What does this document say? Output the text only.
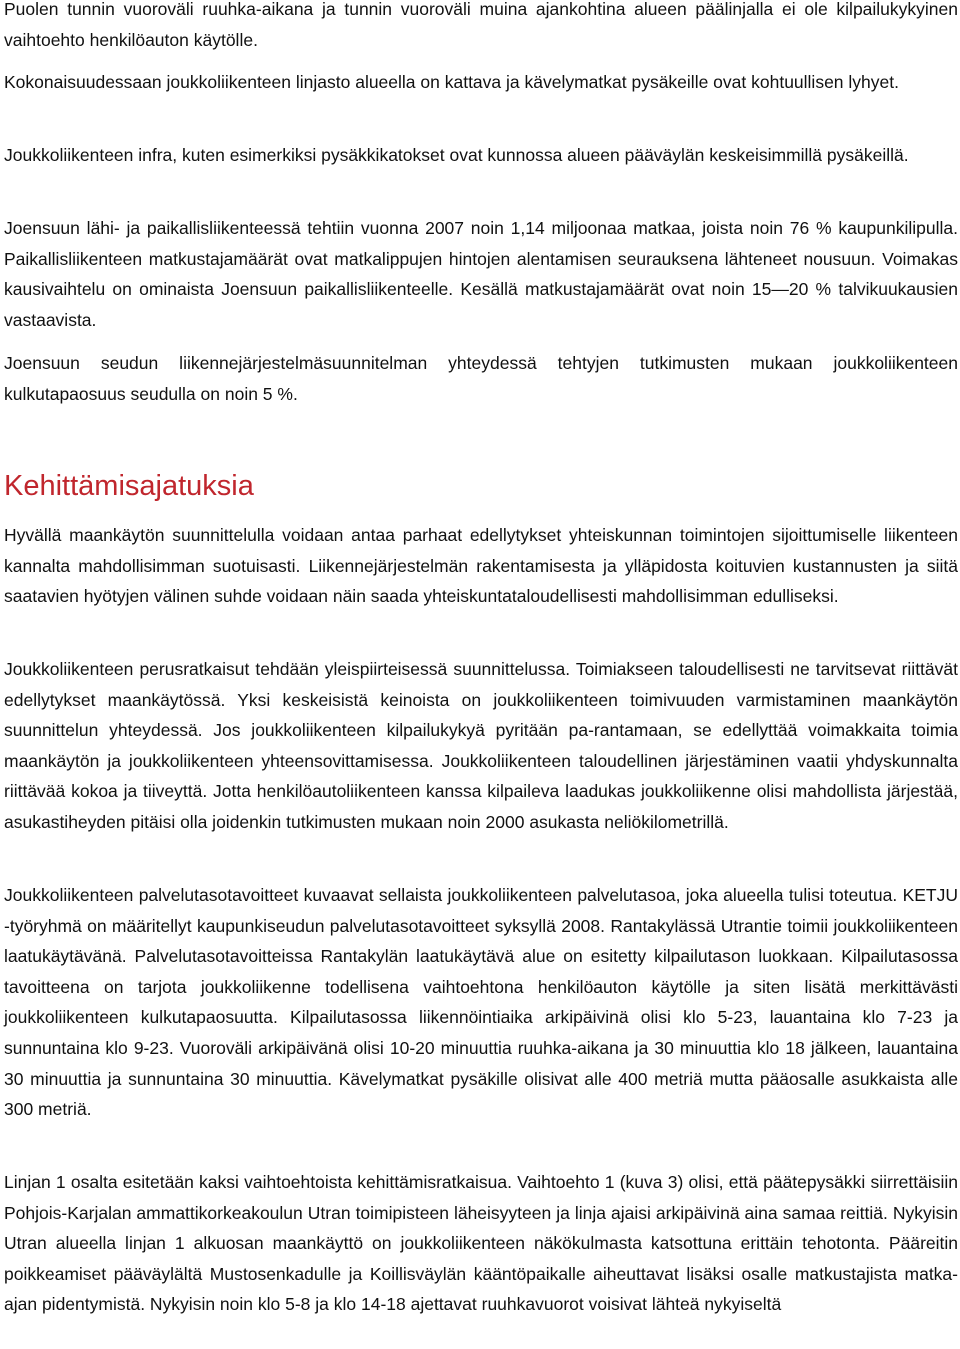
Puolen tunnin vuoroväli ruuhka-aikana ja tunnin vuoroväli muina ajankohtina alueen päälinjalla ei ole kilpailukykyinen vaihtoehto henkilöauton käytölle.

Kokonaisuudessaan joukkoliikenteen linjasto alueella on kattava ja kävelymatkat pysäkeille ovat kohtuullisen lyhyet.

Joukkoliikenteen infra, kuten esimerkiksi pysäkkikatokset ovat kunnossa alueen pääväylän keskeisimmillä pysäkeillä.

Joensuun lähi- ja paikallisliikenteessä tehtiin vuonna 2007 noin 1,14 miljoonaa matkaa, joista noin 76 % kaupunkilipulla. Paikallisliikenteen matkustajamäärät ovat matkalippujen hintojen alentamisen seurauksena lähteneet nousuun. Voimakas kausivaihtelu on ominaista Joensuun paikallisliikenteelle. Kesällä matkustajamäärät ovat noin 15—20 % talvikuukausien vastaavista.

Joensuun seudun liikennejärjestelmäsuunnitelman yhteydessä tehtyjen tutkimusten mukaan joukkoliikenteen kulkutapaosuus seudulla on noin 5 %.

Kehittämisajatuksia

Hyvällä maankäytön suunnittelulla voidaan antaa parhaat edellytykset yhteiskunnan toimintojen sijoittumiselle liikenteen kannalta mahdollisimman suotuisasti. Liikennejärjestelmän rakentamisesta ja ylläpidosta koituvien kustannusten ja siitä saatavien hyötyjen välinen suhde voidaan näin saada yhteiskuntataloudellisesti mahdollisimman edulliseksi.

Joukkoliikenteen perusratkaisut tehdään yleispiirteisessä suunnittelussa. Toimiakseen taloudellisesti ne tarvitsevat riittävät edellytykset maankäytössä. Yksi keskeisistä keinoista on joukkoliikenteen toimivuuden varmistaminen maankäytön suunnittelun yhteydessä. Jos joukkoliikenteen kilpailukykyä pyritään pa-rantamaan, se edellyttää voimakkaita toimia maankäytön ja joukkoliikenteen yhteensovittamisessa. Joukkoliikenteen taloudellinen järjestäminen vaatii yhdyskunnalta riittävää kokoa ja tiiveyttä. Jotta henkilöautoliikenteen kanssa kilpaileva laadukas joukkoliikenne olisi mahdollista järjestää, asukastiheyden pitäisi olla joidenkin tutkimusten mukaan noin 2000 asukasta neliökilometrillä.

Joukkoliikenteen palvelutasotavoitteet kuvaavat sellaista joukkoliikenteen palvelutasoa, joka alueella tulisi toteutua. KETJU -työryhmä on määritellyt kaupunkiseudun palvelutasotavoitteet syksyllä 2008. Rantakylässä Utrantie toimii joukkoliikenteen laatukäytävänä. Palvelutasotavoitteissa Rantakylän laatukäytävä alue on esitetty kilpailutason luokkaan. Kilpailutasossa tavoitteena on tarjota joukkoliikenne todellisena vaihtoehtona henkilöauton käytölle ja siten lisätä merkittävästi joukkoliikenteen kulkutapaosuutta. Kilpailutasossa liikennöintiaika arkipäivinä olisi klo 5-23, lauantaina klo 7-23 ja sunnuntaina klo 9-23. Vuoroväli arkipäivänä olisi 10-20 minuuttia ruuhka-aikana ja 30 minuuttia klo 18 jälkeen, lauantaina 30 minuuttia ja sunnuntaina 30 minuuttia. Kävelymatkat pysäkille olisivat alle 400 metriä mutta pääosalle asukkaista alle 300 metriä.

Linjan 1 osalta esitetään kaksi vaihtoehtoista kehittämisratkaisua. Vaihtoehto 1 (kuva 3) olisi, että päätepysäkki siirrettäisiin Pohjois-Karjalan ammattikorkeakoulun Utran toimipisteen läheisyyteen ja linja ajaisi arkipäivinä aina samaa reittiä. Nykyisin Utran alueella linjan 1 alkuosan maankäyttö on joukkoliikenteen näkökulmasta katsottuna erittäin tehotonta. Pääreitin poikkeamiset pääväylältä Mustosenkadulle ja Koillisväylän kääntöpaikalle aiheuttavat lisäksi osalle matkustajista matka-ajan pidentymistä. Nykyisin noin klo 5-8 ja klo 14-18 ajettavat ruuhkavuorot voisivat lähteä nykyiseltä
